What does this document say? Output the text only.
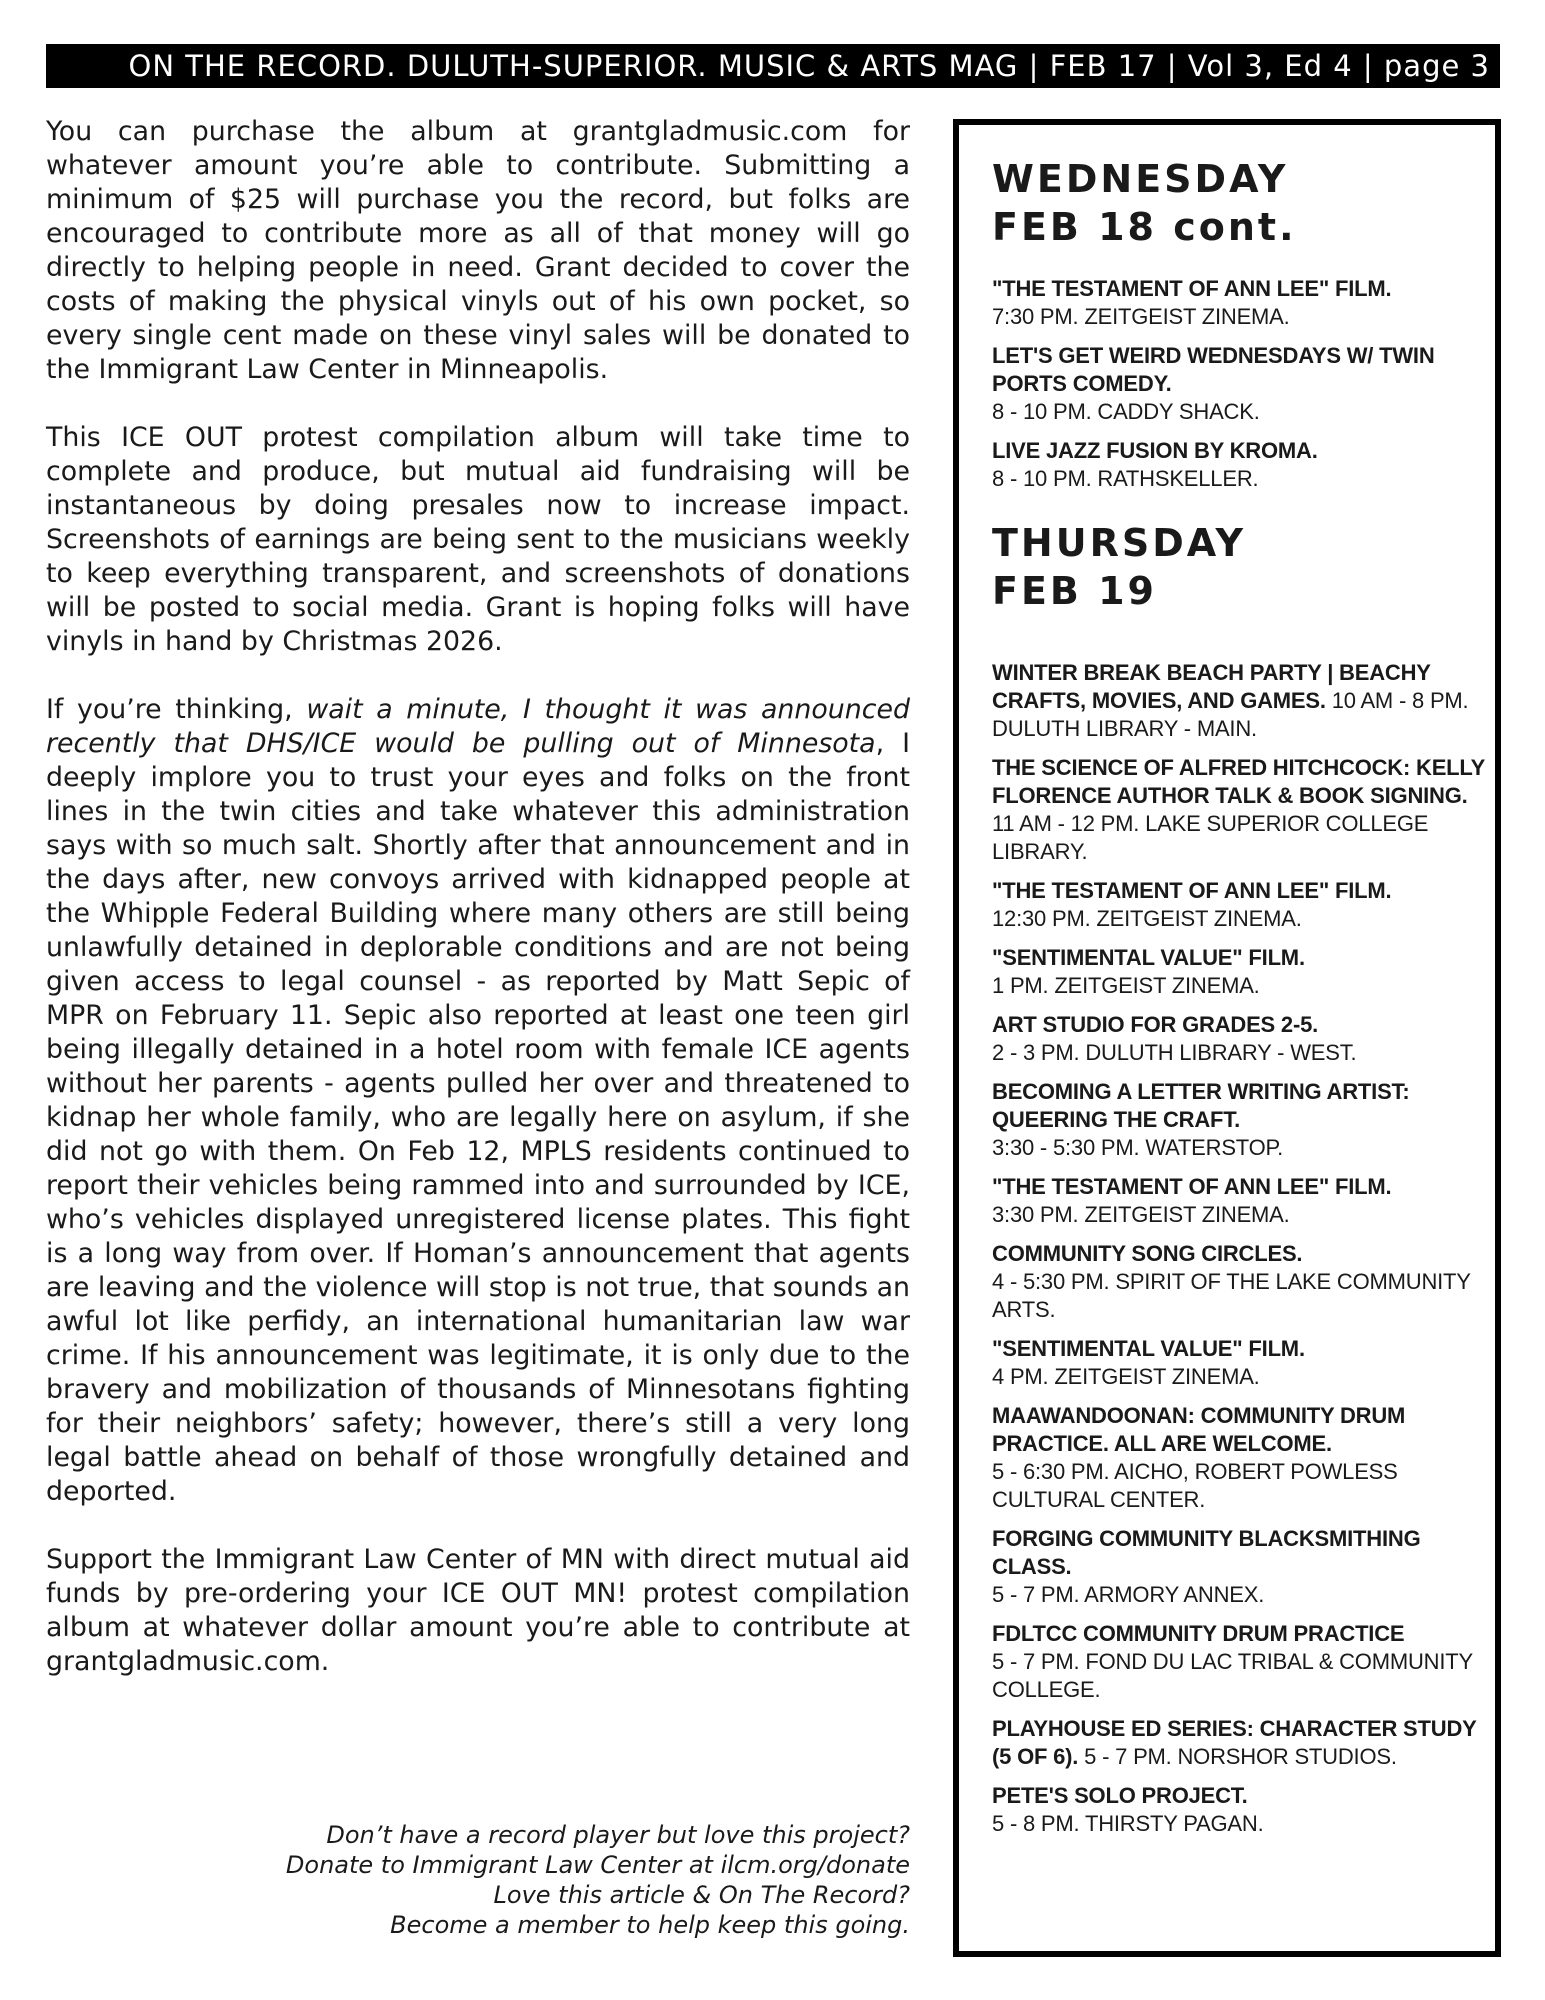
ON THE RECORD. DULUTH-SUPERIOR. MUSIC & ARTS MAG | FEB 17 | Vol 3, Ed 4 | page 3

You can purchase the album at grantgladmusic.com for whatever amount you’re able to contribute. Submitting a minimum of $25 will purchase you the record, but folks are encouraged to contribute more as all of that money will go directly to helping people in need. Grant decided to cover the costs of making the physical vinyls out of his own pocket, so every single cent made on these vinyl sales will be donated to the Immigrant Law Center in Minneapolis.

This ICE OUT protest compilation album will take time to complete and produce, but mutual aid fundraising will be instantaneous by doing presales now to increase impact. Screenshots of earnings are being sent to the musicians weekly to keep everything transparent, and screenshots of donations will be posted to social media. Grant is hoping folks will have vinyls in hand by Christmas 2026.

If you’re thinking, wait a minute, I thought it was announced recently that DHS/ICE would be pulling out of Minnesota, I deeply implore you to trust your eyes and folks on the front lines in the twin cities and take whatever this administration says with so much salt. Shortly after that announcement and in the days after, new convoys arrived with kidnapped people at the Whipple Federal Building where many others are still being unlawfully detained in deplorable conditions and are not being given access to legal counsel - as reported by Matt Sepic of MPR on February 11. Sepic also reported at least one teen girl being illegally detained in a hotel room with female ICE agents without her parents - agents pulled her over and threatened to kidnap her whole family, who are legally here on asylum, if she did not go with them. On Feb 12, MPLS residents continued to report their vehicles being rammed into and surrounded by ICE, who’s vehicles displayed unregistered license plates. This fight is a long way from over. If Homan’s announcement that agents are leaving and the violence will stop is not true, that sounds an awful lot like perfidy, an international humanitarian law war crime. If his announcement was legitimate, it is only due to the bravery and mobilization of thousands of Minnesotans fighting for their neighbors’ safety; however, there’s still a very long legal battle ahead on behalf of those wrongfully detained and deported.

Support the Immigrant Law Center of MN with direct mutual aid funds by pre-ordering your ICE OUT MN! protest compilation album at whatever dollar amount you’re able to contribute at grantgladmusic.com.

Don’t have a record player but love this project?
Donate to Immigrant Law Center at ilcm.org/donate
Love this article & On The Record?
Become a member to help keep this going.
WEDNESDAY
FEB 18 cont.
"THE TESTAMENT OF ANN LEE" FILM.
7:30 PM. ZEITGEIST ZINEMA.
LET'S GET WEIRD WEDNESDAYS W/ TWIN PORTS COMEDY.
8 - 10 PM. CADDY SHACK.
LIVE JAZZ FUSION BY KROMA.
8 - 10 PM. RATHSKELLER.
THURSDAY
FEB 19
WINTER BREAK BEACH PARTY | BEACHY CRAFTS, MOVIES, AND GAMES. 10 AM - 8 PM. DULUTH LIBRARY - MAIN.
THE SCIENCE OF ALFRED HITCHCOCK: KELLY FLORENCE AUTHOR TALK & BOOK SIGNING. 11 AM - 12 PM. LAKE SUPERIOR COLLEGE LIBRARY.
"THE TESTAMENT OF ANN LEE" FILM.
12:30 PM. ZEITGEIST ZINEMA.
"SENTIMENTAL VALUE" FILM.
1 PM. ZEITGEIST ZINEMA.
ART STUDIO FOR GRADES 2-5.
2 - 3 PM. DULUTH LIBRARY - WEST.
BECOMING A LETTER WRITING ARTIST: QUEERING THE CRAFT.
3:30 - 5:30 PM. WATERSTOP.
"THE TESTAMENT OF ANN LEE" FILM.
3:30 PM. ZEITGEIST ZINEMA.
COMMUNITY SONG CIRCLES.
4 - 5:30 PM. SPIRIT OF THE LAKE COMMUNITY ARTS.
"SENTIMENTAL VALUE" FILM.
4 PM. ZEITGEIST ZINEMA.
MAAWANDOONAN: COMMUNITY DRUM PRACTICE. ALL ARE WELCOME.
5 - 6:30 PM. AICHO, ROBERT POWLESS CULTURAL CENTER.
FORGING COMMUNITY BLACKSMITHING CLASS.
5 - 7 PM. ARMORY ANNEX.
FDLTCC COMMUNITY DRUM PRACTICE
5 - 7 PM. FOND DU LAC TRIBAL & COMMUNITY COLLEGE.
PLAYHOUSE ED SERIES: CHARACTER STUDY (5 OF 6). 5 - 7 PM. NORSHOR STUDIOS.
PETE'S SOLO PROJECT.
5 - 8 PM. THIRSTY PAGAN.
